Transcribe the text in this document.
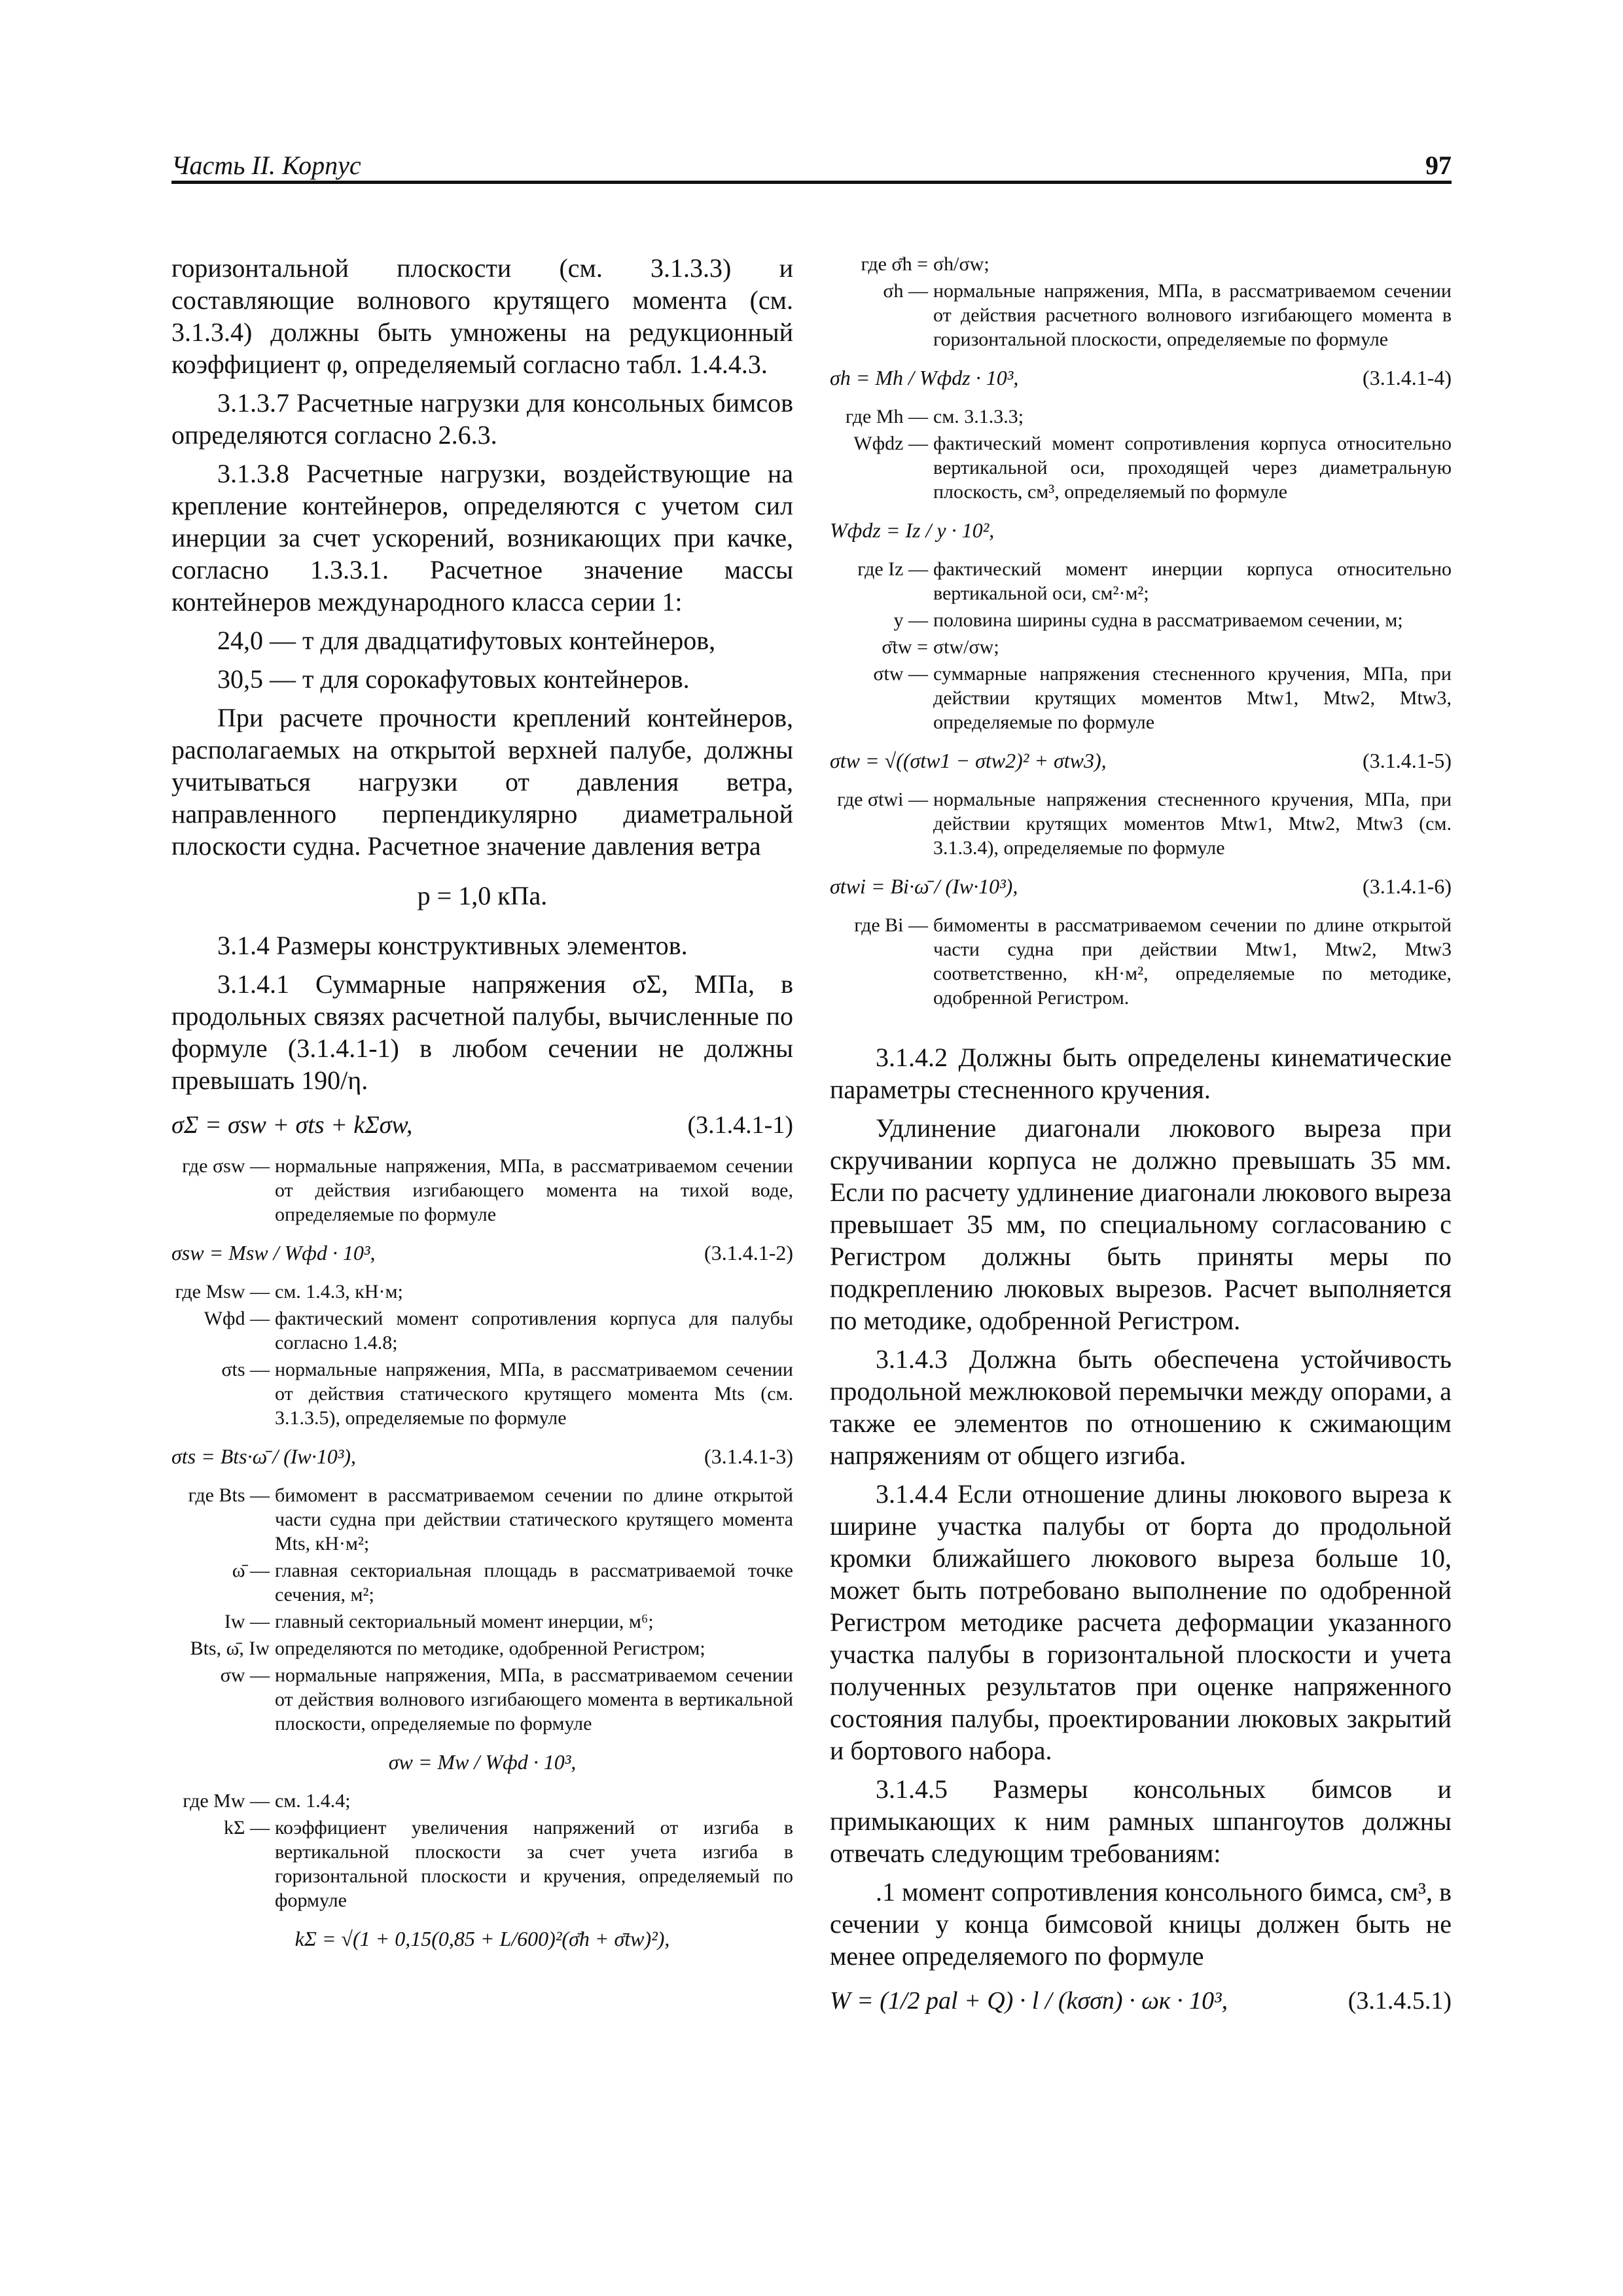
Часть II. Корпус	97

горизонтальной плоскости (см. 3.1.3.3) и составляющие волнового крутящего момента (см. 3.1.3.4) должны быть умножены на редукционный коэффициент φ, определяемый согласно табл. 1.4.4.3.

3.1.3.7 Расчетные нагрузки для консольных бимсов определяются согласно 2.6.3.

3.1.3.8 Расчетные нагрузки, воздействующие на крепление контейнеров, определяются с учетом сил инерции за счет ускорений, возникающих при качке, согласно 1.3.3.1. Расчетное значение массы контейнеров международного класса серии 1:

24,0 — т для двадцатифутовых контейнеров,

30,5 — т для сорокафутовых контейнеров.

При расчете прочности креплений контейнеров, располагаемых на открытой верхней палубе, должны учитываться нагрузки от давления ветра, направленного перпендикулярно диаметральной плоскости судна. Расчетное значение давления ветра

p = 1,0 кПа.

3.1.4 Размеры конструктивных элементов.

3.1.4.1 Суммарные напряжения σΣ, МПа, в продольных связях расчетной палубы, вычисленные по формуле (3.1.4.1-1) в любом сечении не должны превышать 190/η.

σΣ = σsw + σts + kΣσw,	(3.1.4.1-1)
где σsw — нормальные напряжения, МПа, в рассматриваемом сечении от действия изгибающего момента на тихой воде, определяемые по формуле
σsw = Msw / Wфd · 10³,	(3.1.4.1-2)
где Msw — см. 1.4.3, кН·м;
Wфd — фактический момент сопротивления корпуса для палубы согласно 1.4.8;
σts — нормальные напряжения, МПа, в рассматриваемом сечении от действия статического крутящего момента Mts (см. 3.1.3.5), определяемые по формуле
σts = Bts·ω̄ / (Iw·10³),	(3.1.4.1-3)
где Bts — бимомент в рассматриваемом сечении по длине открытой части судна при действии статического крутящего момента Mts, кН·м²;
ω̄ — главная секториальная площадь в рассматриваемой точке сечения, м²;
Iw — главный секториальный момент инерции, м⁶;
Bts, ω̄, Iw определяются по методике, одобренной Регистром;
σw — нормальные напряжения, МПа, в рассматриваемом сечении от действия волнового изгибающего момента в вертикальной плоскости, определяемые по формуле
σw = Mw / Wфd · 10³,
где Mw — см. 1.4.4;
kΣ — коэффициент увеличения напряжений от изгиба в вертикальной плоскости за счет учета изгиба в горизонтальной плоскости и кручения, определяемый по формуле
kΣ = √(1 + 0,15(0,85 + L/600)²(σ̄h + σ̄tw)²),
где σ̄h = σh/σw;
σh — нормальные напряжения, МПа, в рассматриваемом сечении от действия расчетного волнового изгибающего момента в горизонтальной плоскости, определяемые по формуле
σh = Mh / Wфdz · 10³,	(3.1.4.1-4)
где Mh — см. 3.1.3.3;
Wфdz — фактический момент сопротивления корпуса относительно вертикальной оси, проходящей через диаметральную плоскость, см³, определяемый по формуле
Wфdz = Iz / y · 10²,
где Iz — фактический момент инерции корпуса относительно вертикальной оси, см²·м²;
y — половина ширины судна в рассматриваемом сечении, м;
σ̄tw = σtw/σw;
σtw — суммарные напряжения стесненного кручения, МПа, при действии крутящих моментов Mtw1, Mtw2, Mtw3, определяемые по формуле
σtw = √((σtw1 − σtw2)² + σtw3),	(3.1.4.1-5)
где σtwi — нормальные напряжения стесненного кручения, МПа, при действии крутящих моментов Mtw1, Mtw2, Mtw3 (см. 3.1.3.4), определяемые по формуле
σtwi = Bi·ω̄ / (Iw·10³),	(3.1.4.1-6)
где Bi — бимоменты в рассматриваемом сечении по длине открытой части судна при действии Mtw1, Mtw2, Mtw3 соответственно, кН·м², определяемые по методике, одобренной Регистром.

3.1.4.2 Должны быть определены кинематические параметры стесненного кручения.

Удлинение диагонали люкового выреза при скручивании корпуса не должно превышать 35 мм. Если по расчету удлинение диагонали люкового выреза превышает 35 мм, по специальному согласованию с Регистром должны быть приняты меры по подкреплению люковых вырезов. Расчет выполняется по методике, одобренной Регистром.

3.1.4.3 Должна быть обеспечена устойчивость продольной межлюковой перемычки между опорами, а также ее элементов по отношению к сжимающим напряжениям от общего изгиба.

3.1.4.4 Если отношение длины люкового выреза к ширине участка палубы от борта до продольной кромки ближайшего люкового выреза больше 10, может быть потребовано выполнение по одобренной Регистром методике расчета деформации указанного участка палубы в горизонтальной плоскости и учета полученных результатов при оценке напряженного состояния палубы, проектировании люковых закрытий и бортового набора.

3.1.4.5 Размеры консольных бимсов и примыкающих к ним рамных шпангоутов должны отвечать следующим требованиям:

.1 момент сопротивления консольного бимса, см³, в сечении у конца бимсовой кницы должен быть не менее определяемого по формуле

W = (1/2 pal + Q) · l / (kσσn) · ωк · 10³,	(3.1.4.5.1)
